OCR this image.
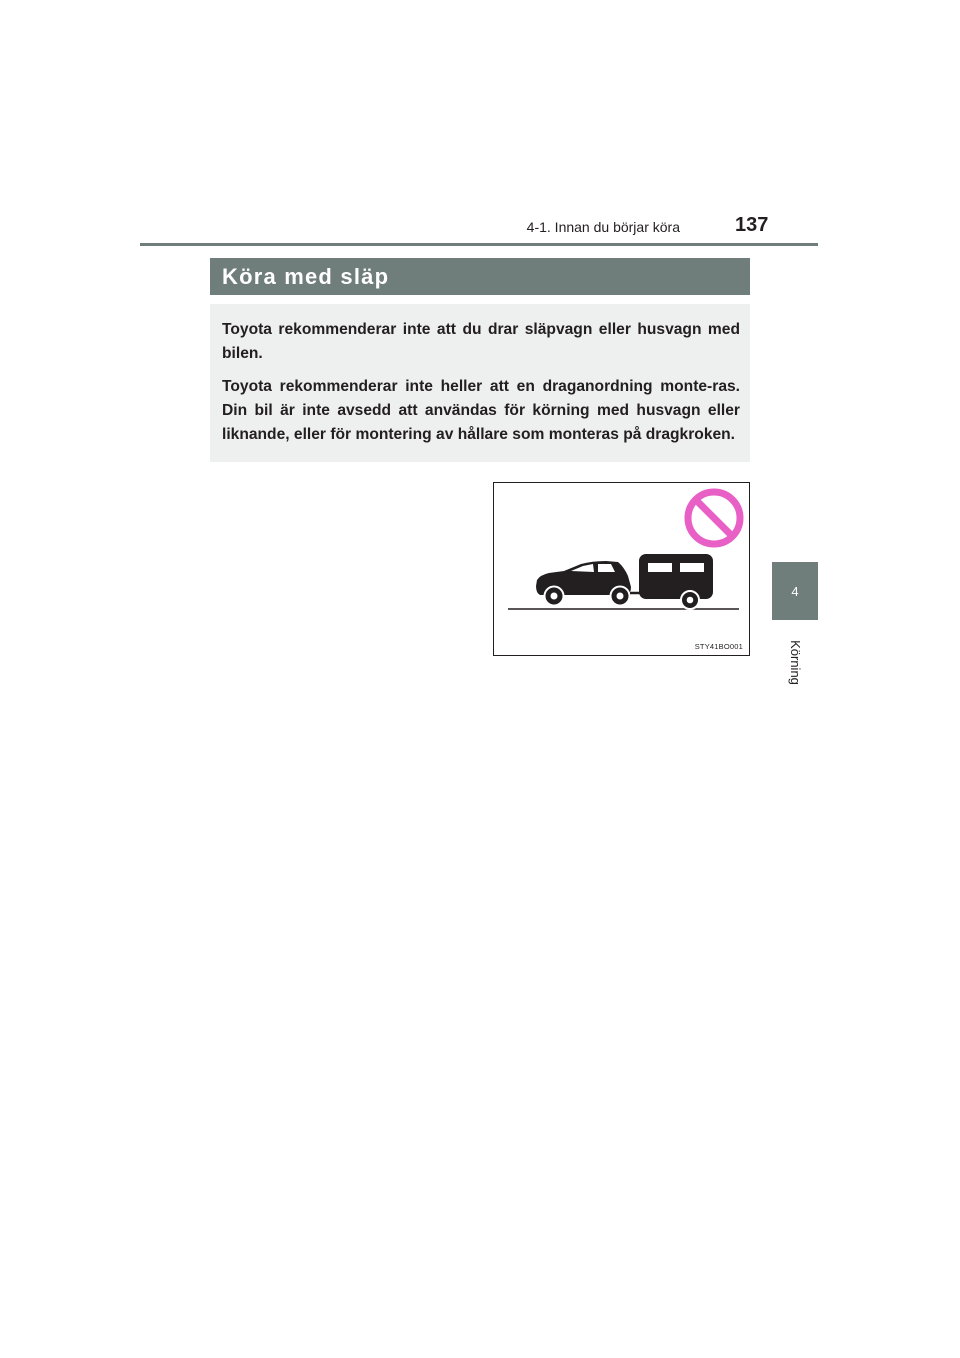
4-1. Innan du börjar köra	137
4
Körning
Köra med släp

Toyota rekommenderar inte att du drar släpvagn eller husvagn med bilen.

Toyota rekommenderar inte heller att en draganordning monte-ras. Din bil är inte avsedd att användas för körning med husvagn eller liknande, eller för montering av hållare som monteras på dragkroken.

STY41BO001
